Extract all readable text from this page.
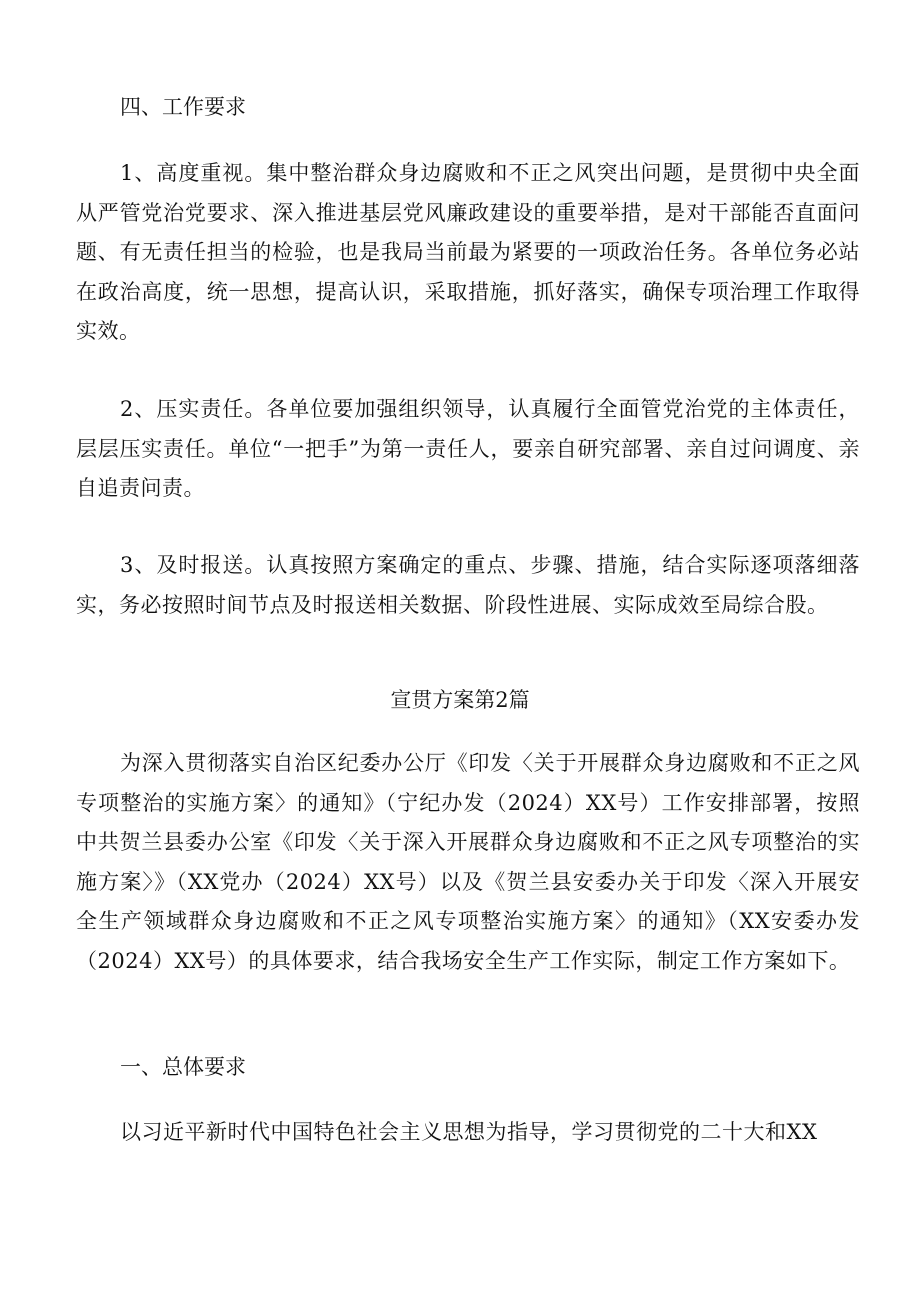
四、工作要求

1、高度重视。集中整治群众身边腐败和不正之风突出问题，是贯彻中央全面从严管党治党要求、深入推进基层党风廉政建设的重要举措，是对干部能否直面问题、有无责任担当的检验，也是我局当前最为紧要的一项政治任务。各单位务必站在政治高度，统一思想，提高认识，采取措施，抓好落实，确保专项治理工作取得实效。

2、压实责任。各单位要加强组织领导，认真履行全面管党治党的主体责任，层层压实责任。单位“一把手”为第一责任人，要亲自研究部署、亲自过问调度、亲自追责问责。

3、及时报送。认真按照方案确定的重点、步骤、措施，结合实际逐项落细落实，务必按照时间节点及时报送相关数据、阶段性进展、实际成效至局综合股。

宣贯方案第2篇

为深入贯彻落实自治区纪委办公厅《印发〈关于开展群众身边腐败和不正之风专项整治的实施方案〉的通知》（宁纪办发（2024）XX号）工作安排部署，按照中共贺兰县委办公室《印发〈关于深入开展群众身边腐败和不正之风专项整治的实施方案〉》（XX党办（2024）XX号）以及《贺兰县安委办关于印发〈深入开展安全生产领域群众身边腐败和不正之风专项整治实施方案〉的通知》（XX安委办发（2024）XX号）的具体要求，结合我场安全生产工作实际，制定工作方案如下。

一、总体要求

以习近平新时代中国特色社会主义思想为指导，学习贯彻党的二十大和XX
